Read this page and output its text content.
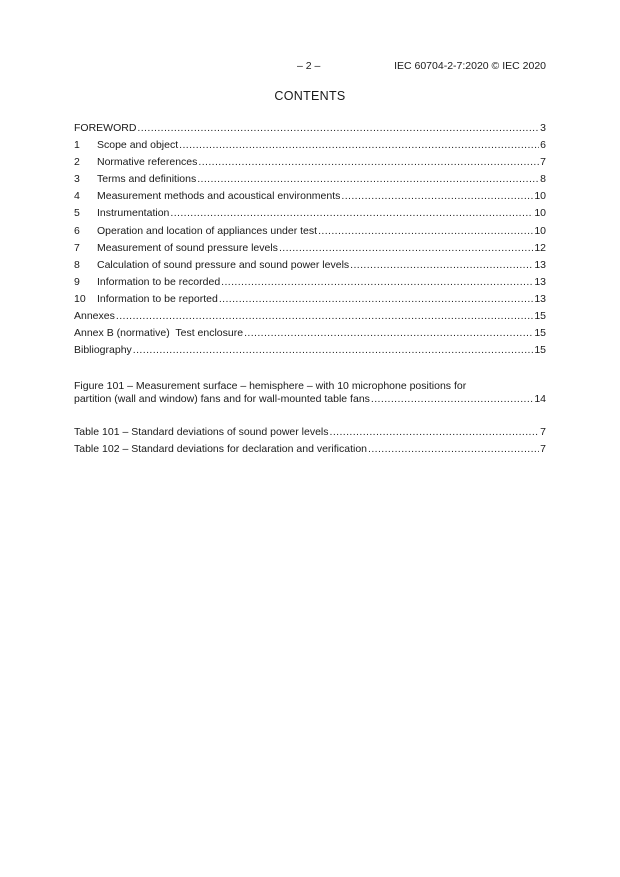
– 2 –	IEC 60704-2-7:2020 © IEC 2020
CONTENTS
FOREWORD .....	3
1	Scope and object .....	6
2	Normative references .....	7
3	Terms and definitions .....	8
4	Measurement methods and acoustical environments .....	10
5	Instrumentation .....	10
6	Operation and location of appliances under test .....	10
7	Measurement of sound pressure levels .....	12
8	Calculation of sound pressure and sound power levels .....	13
9	Information to be recorded .....	13
10	Information to be reported .....	13
Annexes .....	15
Annex B (normative)  Test enclosure .....	15
Bibliography .....	15
Figure 101 – Measurement surface – hemisphere – with 10 microphone positions for
partition (wall and window) fans and for wall-mounted table fans .....	14
Table 101 – Standard deviations of sound power levels .....	7
Table 102 – Standard deviations for declaration and verification .....	7
